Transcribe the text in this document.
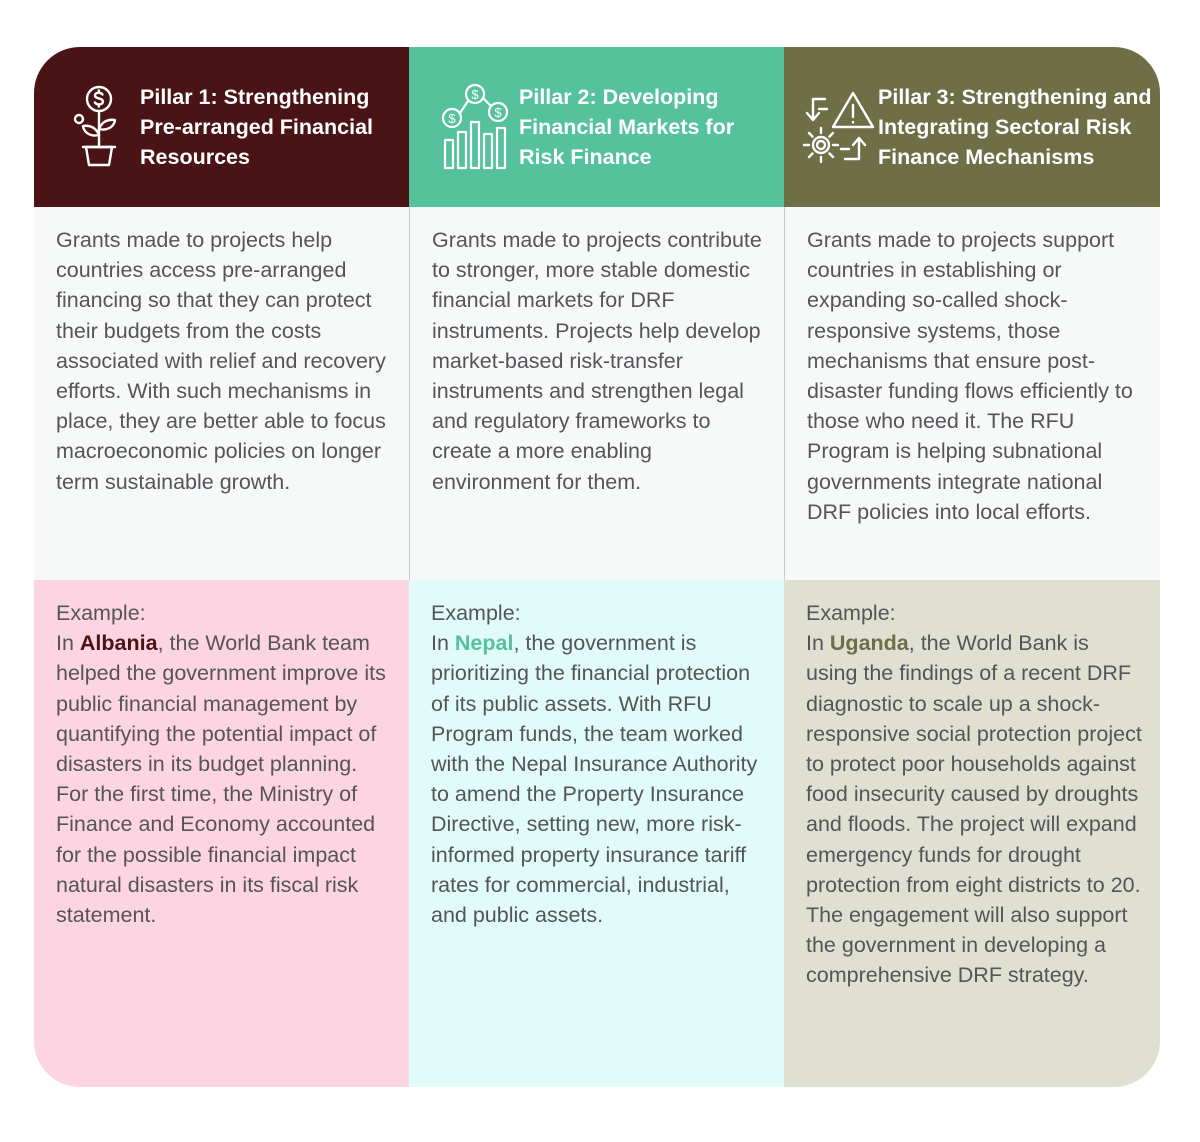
Pillar 1: Strengthening Pre-arranged Financial Resources
$
$	$
Pillar 2: Developing Financial Markets for Risk Finance
Pillar 3: Strengthening and Integrating Sectoral Risk Finance Mechanisms
Grants made to projects help countries access pre-arranged financing so that they can protect their budgets from the costs associated with relief and recovery efforts. With such mechanisms in place, they are better able to focus macroeconomic policies on longer term sustainable growth.
Grants made to projects contribute to stronger, more stable domestic financial markets for DRF instruments. Projects help develop market-based risk-transfer instruments and strengthen legal and regulatory frameworks to create a more enabling environment for them.
Grants made to projects support countries in establishing or expanding so-called shock-responsive systems, those mechanisms that ensure post-disaster funding flows efficiently to those who need it. The RFU Program is helping subnational governments integrate national DRF policies into local efforts.
Example:
In Albania, the World Bank team helped the government improve its public financial management by quantifying the potential impact of disasters in its budget planning. For the first time, the Ministry of Finance and Economy accounted for the possible financial impact natural disasters in its fiscal risk statement.
Example:
In Nepal, the government is prioritizing the financial protection of its public assets. With RFU Program funds, the team worked with the Nepal Insurance Authority to amend the Property Insurance Directive, setting new, more risk-informed property insurance tariff rates for commercial, industrial, and public assets.
Example:
In Uganda, the World Bank is using the findings of a recent DRF diagnostic to scale up a shock-responsive social protection project to protect poor households against food insecurity caused by droughts and floods. The project will expand emergency funds for drought protection from eight districts to 20. The engagement will also support the government in developing a comprehensive DRF strategy.
